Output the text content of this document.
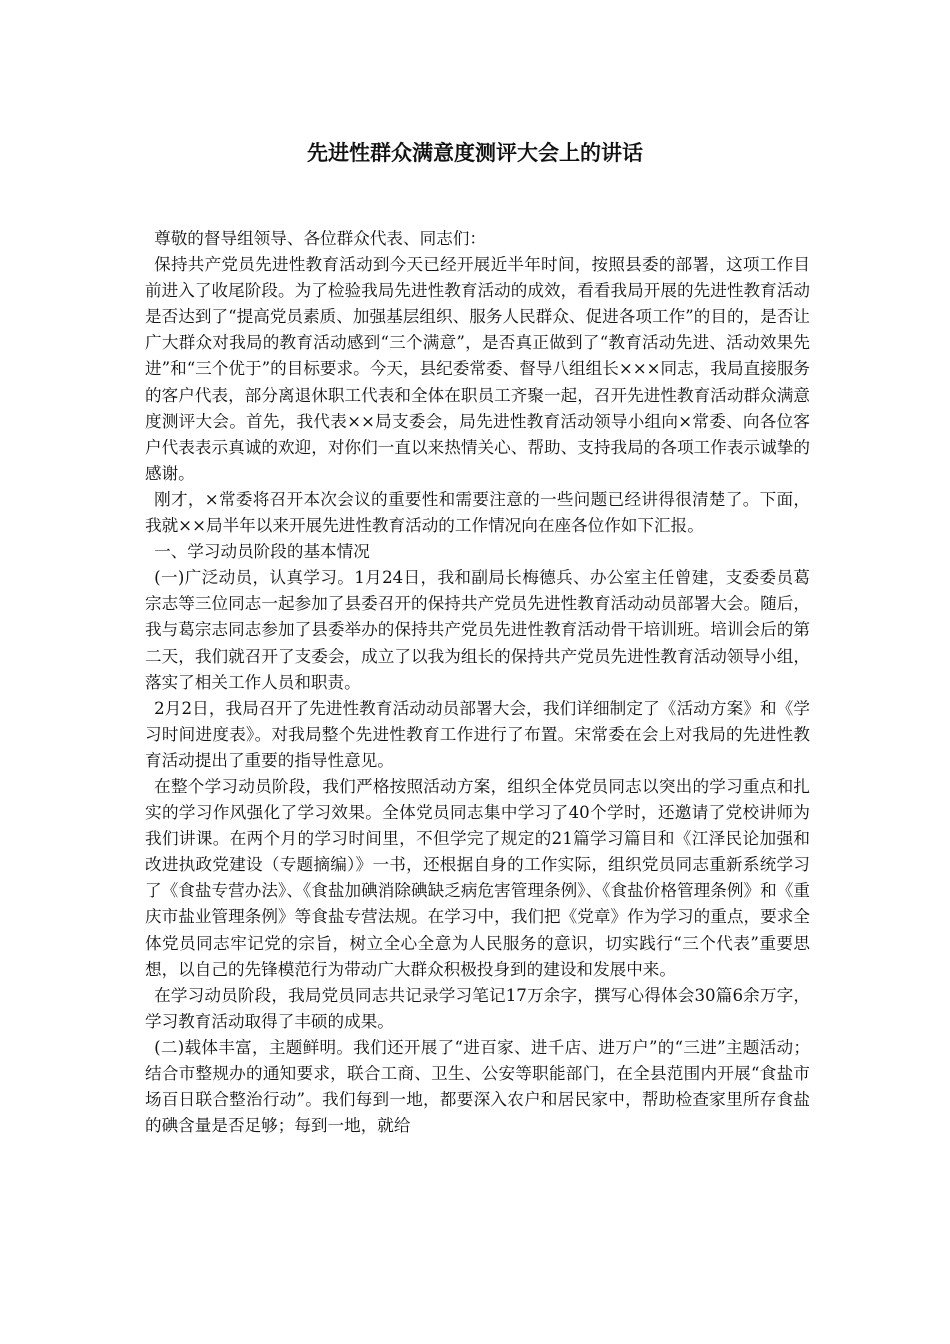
先进性群众满意度测评大会上的讲话

尊敬的督导组领导、各位群众代表、同志们：

保持共产党员先进性教育活动到今天已经开展近半年时间，按照县委的部署，这项工作目前进入了收尾阶段。为了检验我局先进性教育活动的成效，看看我局开展的先进性教育活动是否达到了“提高党员素质、加强基层组织、服务人民群众、促进各项工作”的目的，是否让广大群众对我局的教育活动感到“三个满意”，是否真正做到了“教育活动先进、活动效果先进”和“三个优于”的目标要求。今天，县纪委常委、督导八组组长×××同志，我局直接服务的客户代表，部分离退休职工代表和全体在职员工齐聚一起，召开先进性教育活动群众满意度测评大会。首先，我代表××局支委会，局先进性教育活动领导小组向×常委、向各位客户代表表示真诚的欢迎，对你们一直以来热情关心、帮助、支持我局的各项工作表示诚挚的感谢。

刚才，×常委将召开本次会议的重要性和需要注意的一些问题已经讲得很清楚了。下面，我就××局半年以来开展先进性教育活动的工作情况向在座各位作如下汇报。

一、学习动员阶段的基本情况

(一)广泛动员，认真学习。1月24日，我和副局长梅德兵、办公室主任曾建，支委委员葛宗志等三位同志一起参加了县委召开的保持共产党员先进性教育活动动员部署大会。随后，我与葛宗志同志参加了县委举办的保持共产党员先进性教育活动骨干培训班。培训会后的第二天，我们就召开了支委会，成立了以我为组长的保持共产党员先进性教育活动领导小组，落实了相关工作人员和职责。

2月2日，我局召开了先进性教育活动动员部署大会，我们详细制定了《活动方案》和《学习时间进度表》。对我局整个先进性教育工作进行了布置。宋常委在会上对我局的先进性教育活动提出了重要的指导性意见。

在整个学习动员阶段，我们严格按照活动方案，组织全体党员同志以突出的学习重点和扎实的学习作风强化了学习效果。全体党员同志集中学习了40个学时，还邀请了党校讲师为我们讲课。在两个月的学习时间里，不但学完了规定的21篇学习篇目和《江泽民论加强和改进执政党建设（专题摘编）》一书，还根据自身的工作实际，组织党员同志重新系统学习了《食盐专营办法》、《食盐加碘消除碘缺乏病危害管理条例》、《食盐价格管理条例》和《重庆市盐业管理条例》等食盐专营法规。在学习中，我们把《党章》作为学习的重点，要求全体党员同志牢记党的宗旨，树立全心全意为人民服务的意识，切实践行“三个代表”重要思想，以自己的先锋模范行为带动广大群众积极投身到的建设和发展中来。

在学习动员阶段，我局党员同志共记录学习笔记17万余字，撰写心得体会30篇6余万字，学习教育活动取得了丰硕的成果。

(二)载体丰富，主题鲜明。我们还开展了“进百家、进千店、进万户”的“三进”主题活动；结合市整规办的通知要求，联合工商、卫生、公安等职能部门，在全县范围内开展“食盐市场百日联合整治行动”。我们每到一地，都要深入农户和居民家中，帮助检查家里所存食盐的碘含量是否足够；每到一地，就给
